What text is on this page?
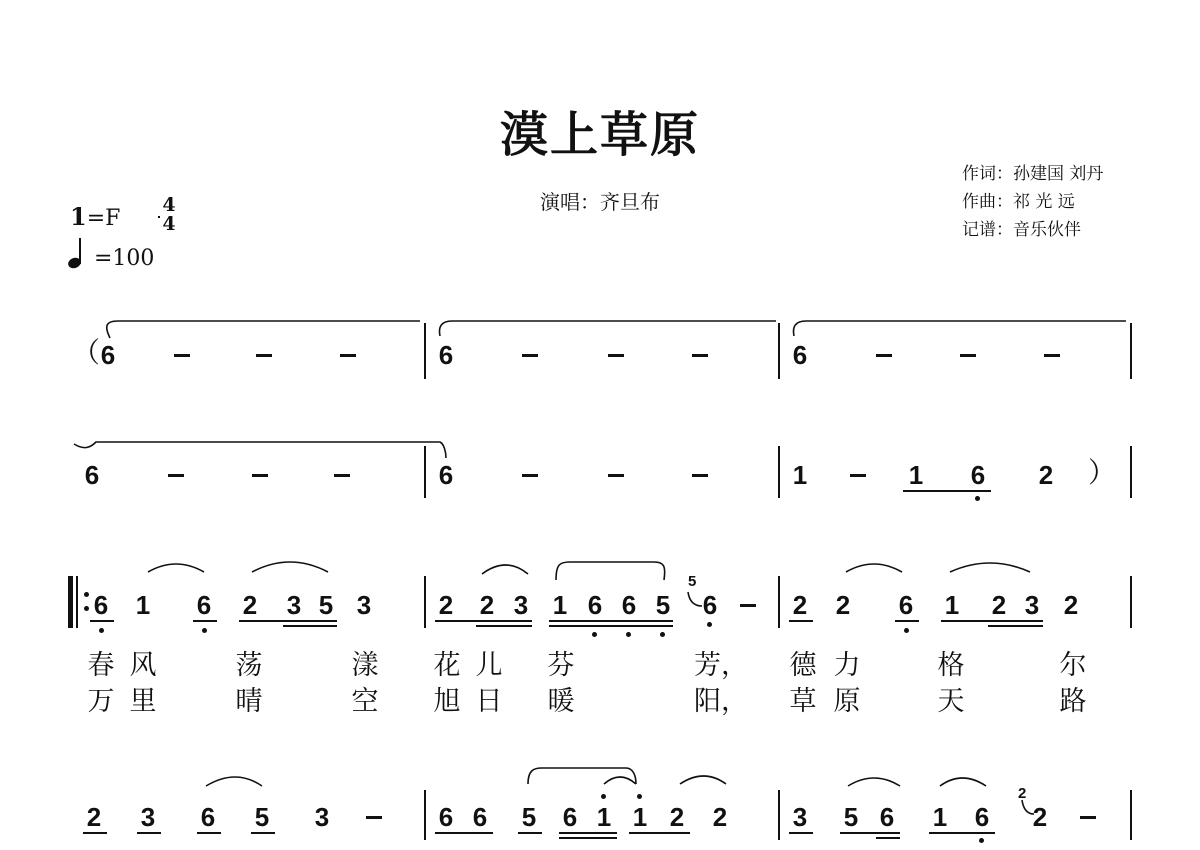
漠上草原
演唱：齐旦布
作词：孙建国 刘丹
作曲：祁 光 远
记谱：音乐伙伴
1=F
4
4
=100
（ 6	6	6
6	6	1	1 6 2 ）
6 1 6 2 3 5 3	2 2 3 1 6 6 5
5
6	2 2 6 1 2 3 2
春 风	荡	漾 花 儿 芬	芳， 德 力	格	尔
万 里	晴	空 旭 日 暖	阳， 草 原	天	路
2 3 6 5 3	6 6 5 6 1 1 2 2	3 5 6 1 6
2
2
